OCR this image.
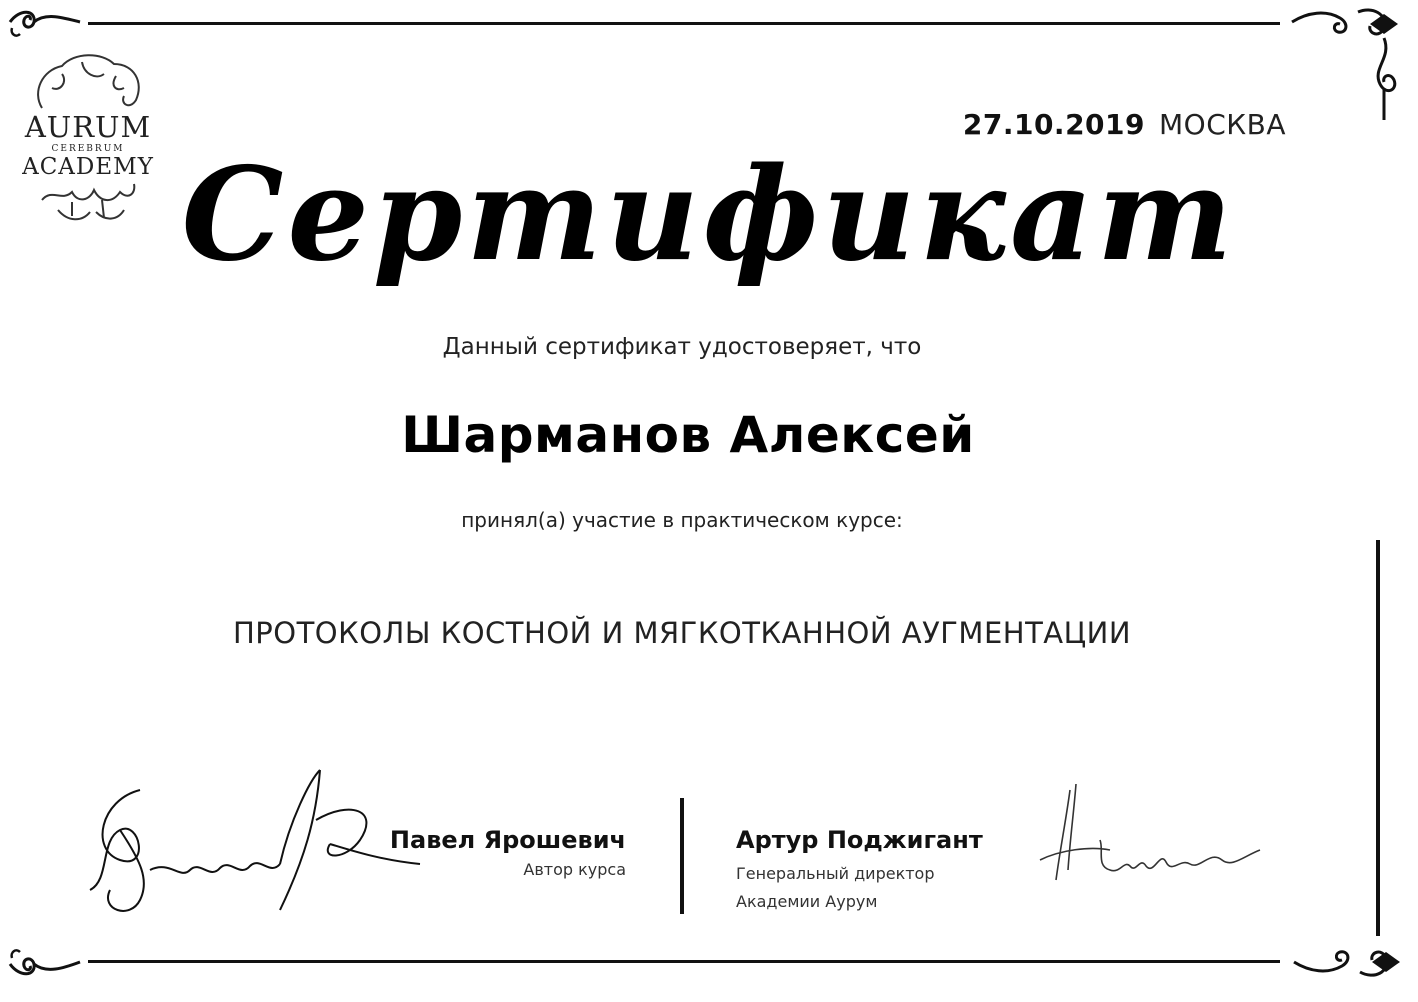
AURUM
CEREBRUM
ACADEMY
27.10.2019 МОСКВА
Сертификат
Данный сертификат удостоверяет, что
Шарманов Алексей
принял(а) участие в практическом курсе:
ПРОТОКОЛЫ КОСТНОЙ И МЯГКОТКАННОЙ АУГМЕНТАЦИИ
Павел Ярошевич
Автор курса
Артур Поджигант
Генеральный директор
Академии Аурум
